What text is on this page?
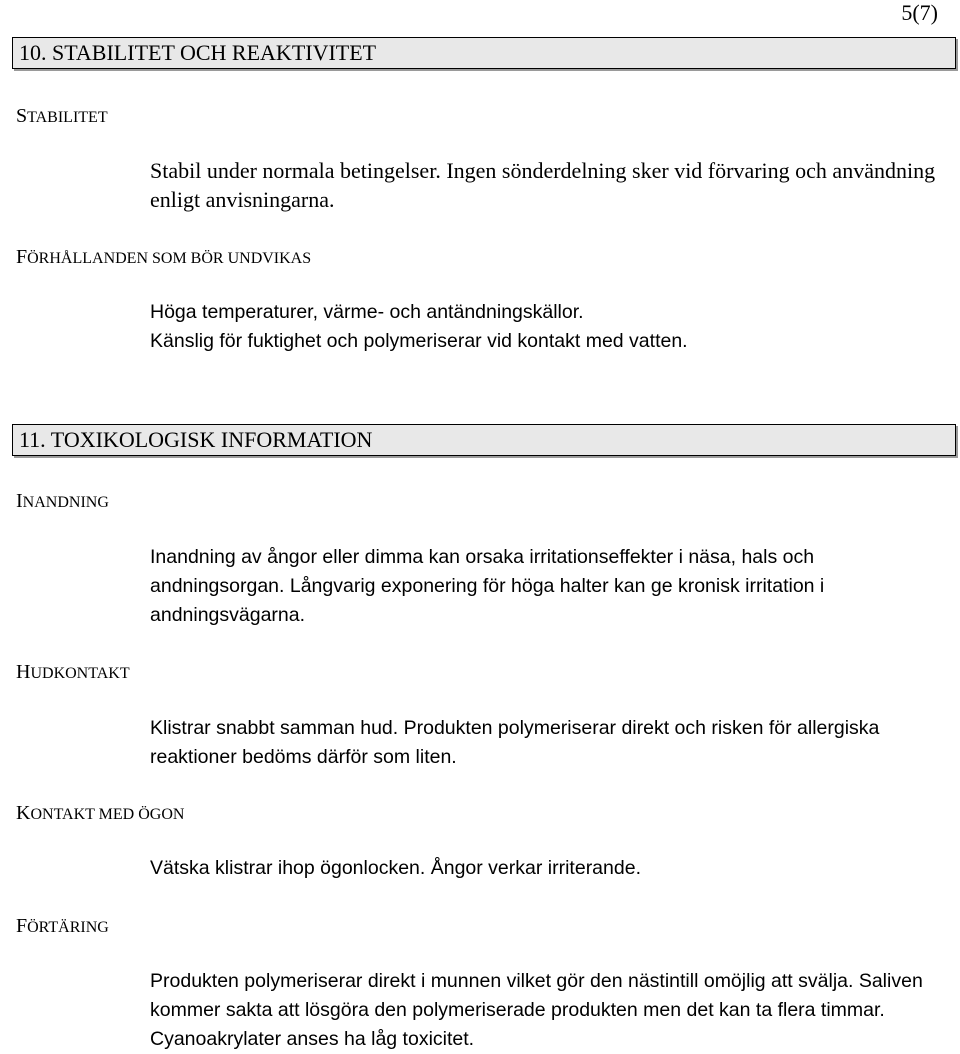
5(7)
10. STABILITET OCH REAKTIVITET
STABILITET

Stabil under normala betingelser. Ingen sönderdelning sker vid förvaring och användning enligt anvisningarna.

FÖRHÅLLANDEN SOM BÖR UNDVIKAS
Höga temperaturer, värme- och antändningskällor.
Känslig för fuktighet och polymeriserar vid kontakt med vatten.
11. TOXIKOLOGISK INFORMATION
INANDNING

Inandning av ångor eller dimma kan orsaka irritationseffekter i näsa, hals och andningsorgan. Långvarig exponering för höga halter kan ge kronisk irritation i andningsvägarna.

HUDKONTAKT

Klistrar snabbt samman hud. Produkten polymeriserar direkt och risken för allergiska reaktioner bedöms därför som liten.

KONTAKT MED ÖGON

Vätska klistrar ihop ögonlocken. Ångor verkar irriterande.

FÖRTÄRING

Produkten polymeriserar direkt i munnen vilket gör den nästintill omöjlig att svälja. Saliven kommer sakta att lösgöra den polymeriserade produkten men det kan ta flera timmar. Cyanoakrylater anses ha låg toxicitet.
